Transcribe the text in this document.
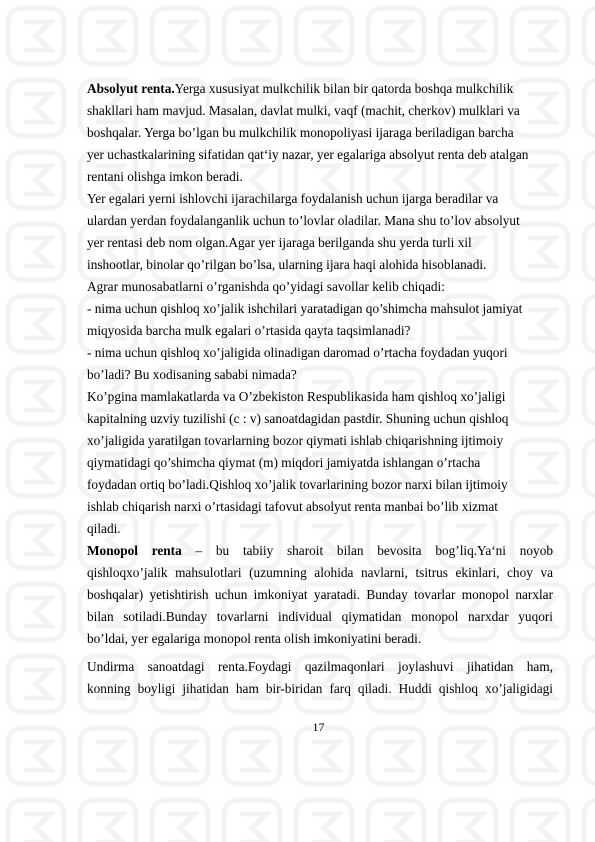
Absolyut renta.Yerga xususiyat mulkchilik bilan bir qatorda boshqa mulkchilik
shakllari ham mavjud. Masalan, davlat mulki, vaqf (machit, cherkov) mulklari va
boshqalar. Yerga bo’lgan bu mulkchilik monopoliyasi ijaraga beriladigan barcha
yer uchastkalarining sifatidan qat‘iy nazar, yer egalariga absolyut renta deb atalgan
rentani olishga imkon beradi.
Yer egalari yerni ishlovchi ijarachilarga foydalanish uchun ijarga beradilar va
ulardan yerdan foydalanganlik uchun to’lovlar oladilar. Mana shu to’lov absolyut
yer rentasi deb nom olgan.Agar yer ijaraga berilganda shu yerda turli xil
inshootlar, binolar qo’rilgan bo’lsa, ularning ijara haqi alohida hisoblanadi.
Agrar munosabatlarni o’rganishda qo’yidagi savollar kelib chiqadi:
- nima uchun qishloq xo’jalik ishchilari yaratadigan qo’shimcha mahsulot jamiyat
miqyosida barcha mulk egalari o’rtasida qayta taqsimlanadi?
- nima uchun qishloq xo’jaligida olinadigan daromad o’rtacha foydadan yuqori
bo’ladi? Bu xodisaning sababi nimada?
Ko’pgina mamlakatlarda va O’zbekiston Respublikasida ham qishloq xo’jaligi
kapitalning uzviy tuzilishi (c : v) sanoatdagidan pastdir. Shuning uchun qishloq
xo’jaligida yaratilgan tovarlarning bozor qiymati ishlab chiqarishning ijtimoiy
qiymatidagi qo’shimcha qiymat (m) miqdori jamiyatda ishlangan o’rtacha
foydadan ortiq bo’ladi.Qishloq xo’jalik tovarlarining bozor narxi bilan ijtimoiy
ishlab chiqarish narxi o’rtasidagi tafovut absolyut renta manbai bo’lib xizmat
qiladi.
Monopol renta – bu tabiiy sharoit bilan bevosita bog’liq.Ya‘ni noyob
qishloqxo’jalik mahsulotlari (uzumning alohida navlarni, tsitrus ekinlari, choy va
boshqalar) yetishtirish uchun imkoniyat yaratadi. Bunday tovarlar monopol narxlar
bilan sotiladi.Bunday tovarlarni individual qiymatidan monopol narxdar yuqori
bo’ldai, yer egalariga monopol renta olish imkoniyatini beradi.
Undirma sanoatdagi renta.Foydagi qazilmaqonlari joylashuvi jihatidan ham,
konning boyligi jihatidan ham bir-biridan farq qiladi. Huddi qishloq xo’jaligidagi
17
